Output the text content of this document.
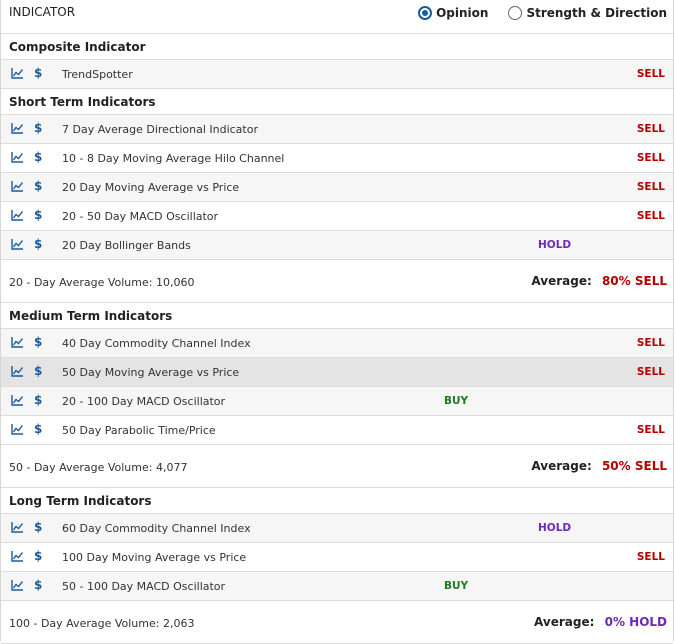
INDICATOR	Opinion	Strength & Direction
Composite Indicator
$ TrendSpotter	SELL
Short Term Indicators
$ 7 Day Average Directional Indicator	SELL
$ 10 - 8 Day Moving Average Hilo Channel	SELL
$ 20 Day Moving Average vs Price	SELL
$ 20 - 50 Day MACD Oscillator	SELL
$ 20 Day Bollinger Bands	HOLD
20 - Day Average Volume: 10,060	Average: 80% SELL
Medium Term Indicators
$ 40 Day Commodity Channel Index	SELL
$ 50 Day Moving Average vs Price	SELL
$ 20 - 100 Day MACD Oscillator	BUY
$ 50 Day Parabolic Time/Price	SELL
50 - Day Average Volume: 4,077	Average: 50% SELL
Long Term Indicators
$ 60 Day Commodity Channel Index	HOLD
$ 100 Day Moving Average vs Price	SELL
$ 50 - 100 Day MACD Oscillator	BUY
100 - Day Average Volume: 2,063	Average: 0% HOLD
